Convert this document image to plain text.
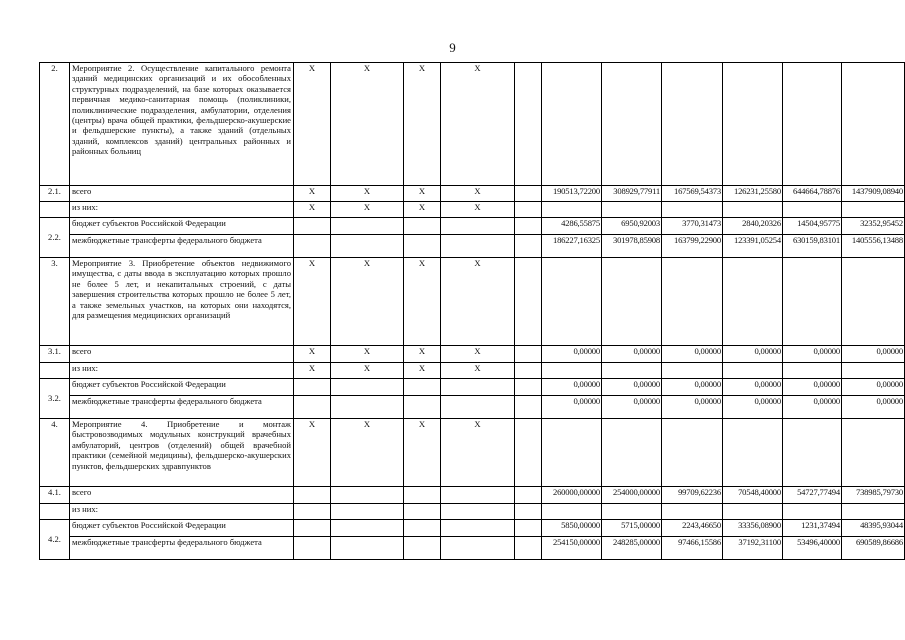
9
2.	Мероприятие 2. Осуществление капитального ремонта зданий медицинских организаций и их обособленных структурных подразделений, на базе которых оказывается первичная медико-санитарная помощь (поликлиники, поликлинические подразделения, амбулатории, отделения (центры) врача общей практики, фельдшерско-акушерские и фельдшерские пункты), а также зданий (отдельных зданий, комплексов зданий) центральных районных и районных больниц	X	X	X	X							
2.1.	всего	X	X	X	X		190513,72200	308929,77911	167569,54373	126231,25580	644664,78876	1437909,08940
	из них:	X	X	X	X							
2.2.	бюджет субъектов Российской Федерации						4286,55875	6950,92003	3770,31473	2840,20326	14504,95775	32352,95452
	межбюджетные трансферты федерального бюджета						186227,16325	301978,85908	163799,22900	123391,05254	630159,83101	1405556,13488
3.	Мероприятие 3. Приобретение объектов недвижимого имущества, с даты ввода в эксплуатацию которых прошло не более 5 лет, и некапитальных строений, с даты завершения строительства которых прошло не более 5 лет, а также земельных участков, на которых они находятся, для размещения медицинских организаций	X	X	X	X							
3.1.	всего	X	X	X	X		0,00000	0,00000	0,00000	0,00000	0,00000	0,00000
	из них:	X	X	X	X							
3.2.	бюджет субъектов Российской Федерации						0,00000	0,00000	0,00000	0,00000	0,00000	0,00000
	межбюджетные трансферты федерального бюджета						0,00000	0,00000	0,00000	0,00000	0,00000	0,00000
4.	Мероприятие 4. Приобретение и монтаж быстровозводимых модульных конструкций врачебных амбулаторий, центров (отделений) общей врачебной практики (семейной медицины), фельдшерско-акушерских пунктов, фельдшерских здравпунктов	X	X	X	X							
4.1.	всего						260000,00000	254000,00000	99709,62236	70548,40000	54727,77494	738985,79730
	из них:											
4.2.	бюджет субъектов Российской Федерации						5850,00000	5715,00000	2243,46650	33356,08900	1231,37494	48395,93044
	межбюджетные трансферты федерального бюджета						254150,00000	248285,00000	97466,15586	37192,31100	53496,40000	690589,86686
